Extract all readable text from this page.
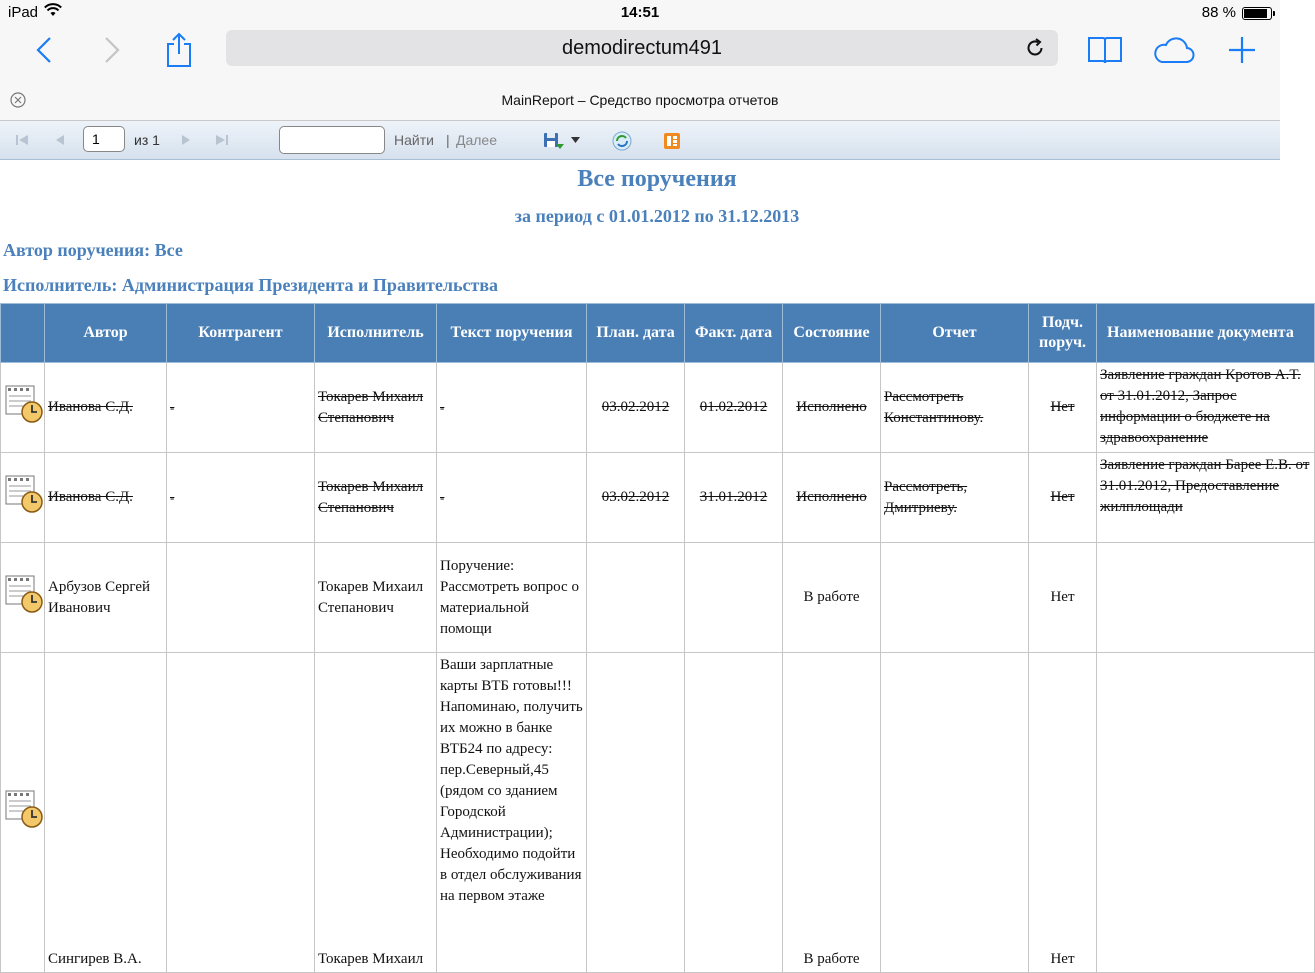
iPad	14:51	88 %
demodirectum491
MainReport – Средство просмотра отчетов
1
из 1	Найти | Далее
Все поручения
за период с 01.01.2012 по 31.12.2013
Автор поручения: Все
Исполнитель: Администрация Президента и Правительства
	Автор	Контрагент	Исполнитель	Текст поручения	План. дата	Факт. дата	Состояние	Отчет	Подч. поруч.	Наименование документа
	Иванова С.Д.	-	Токарев Михаил Степанович	-	03.02.2012	01.02.2012	Исполнено	Рассмотреть Константинову.	Нет	Заявление граждан Кротов А.Т. от 31.01.2012, Запрос информации о бюджете на здравоохранение
	Иванова С.Д.	-	Токарев Михаил Степанович	-	03.02.2012	31.01.2012	Исполнено	Рассмотреть, Дмитриеву.	Нет	Заявление граждан Барее Е.В. от 31.01.2012, Предоставление жилплощади
	Арбузов Сергей Иванович		Токарев Михаил Степанович	Поручение: Рассмотреть вопрос о материальной помощи			В работе		Нет	
	Сингирев В.А.		Токарев Михаил	Ваши зарплатные карты ВТБ готовы!!! Напоминаю, получить их можно в банке ВТБ24 по адресу: пер.Северный,45 (рядом со зданием Городской Администрации); Необходимо подойти в отдел обслуживания на первом этаже			В работе		Нет	
